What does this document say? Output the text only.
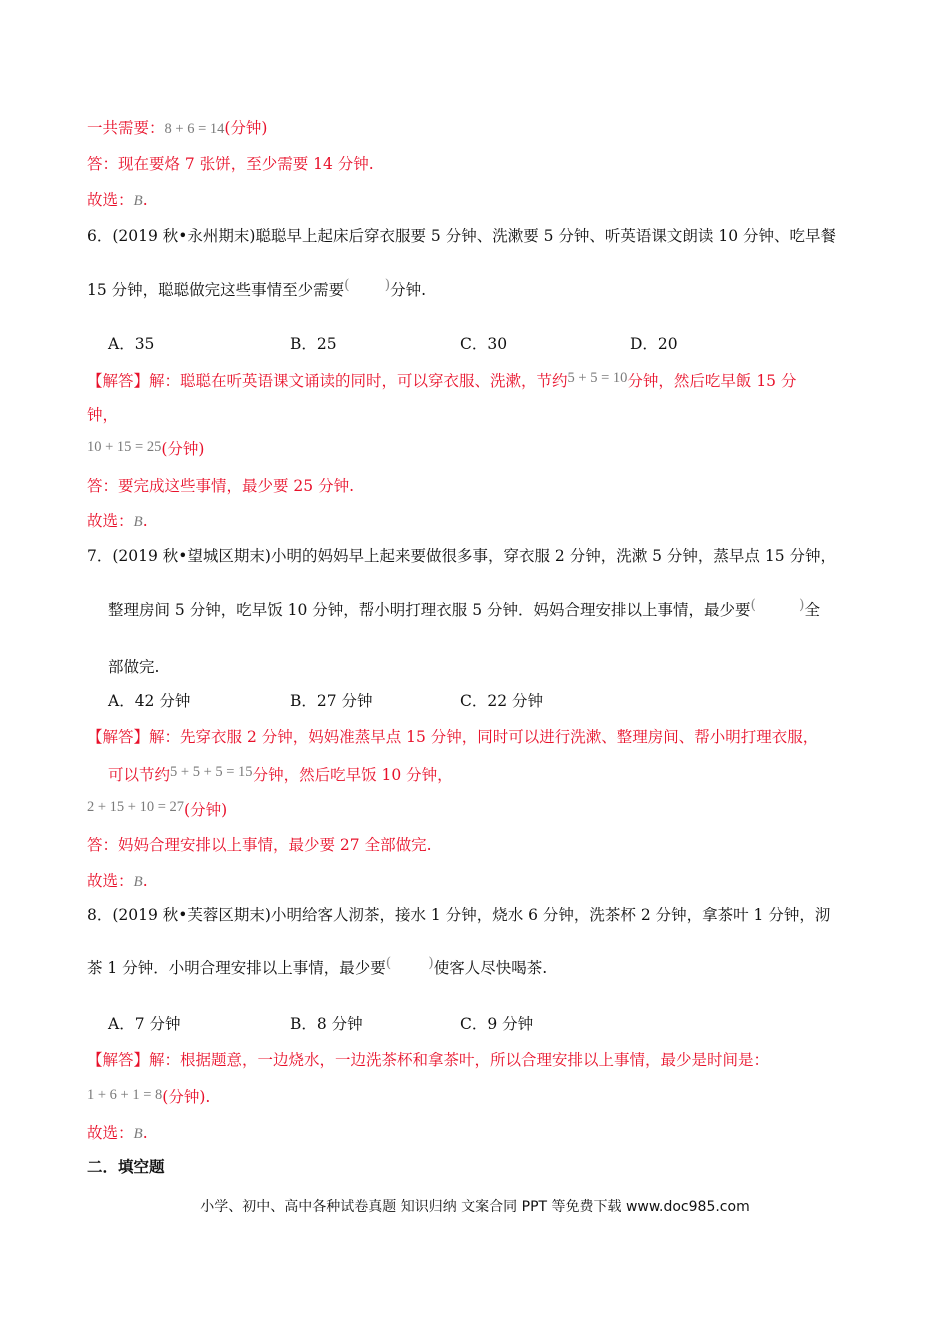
一共需要：8 + 6 = 14(分钟)
答：现在要烙 7 张饼，至少需要 14 分钟.
故选：B.
6．(2019 秋•永州期末)聪聪早上起床后穿衣服要 5 分钟、洗漱要 5 分钟、听英语课文朗读 10 分钟、吃早餐
15 分钟，聪聪做完这些事情至少需要(	) 分钟.
A．35	B．25	C．30	D．20
【解答】解：聪聪在听英语课文诵读的同时，可以穿衣服、洗漱，节约5 + 5 = 10分钟，然后吃早飯 15 分
钟，
10 + 15 = 25(分钟)
答：要完成这些事情，最少要 25 分钟.
故选：B.
7．(2019 秋•望城区期末)小明的妈妈早上起来要做很多事，穿衣服 2 分钟，洗漱 5 分钟，蒸早点 15 分钟，
整理房间 5 分钟，吃早饭 10 分钟，帮小明打理衣服 5 分钟．妈妈合理安排以上事情，最少要(	) 全
部做完.
A．42 分钟	B．27 分钟	C．22 分钟
【解答】解：先穿衣服 2 分钟，妈妈准蒸早点 15 分钟，同时可以进行洗漱、整理房间、帮小明打理衣服，
可以节约5 + 5 + 5 = 15分钟，然后吃早饭 10 分钟，
2 + 15 + 10 = 27(分钟)
答：妈妈合理安排以上事情，最少要 27 全部做完.
故选：B.
8．(2019 秋•芙蓉区期末)小明给客人沏茶，接水 1 分钟，烧水 6 分钟，洗茶杯 2 分钟，拿茶叶 1 分钟，沏
茶 1 分钟．小明合理安排以上事情，最少要(	) 使客人尽快喝茶.
A．7 分钟	B．8 分钟	C．9 分钟
【解答】解：根据题意，一边烧水，一边洗茶杯和拿茶叶，所以合理安排以上事情，最少是时间是：
1 + 6 + 1 = 8(分钟).
故选：B.
二．填空题
小学、初中、高中各种试卷真题 知识归纳 文案合同 PPT 等免费下载 www.doc985.com
